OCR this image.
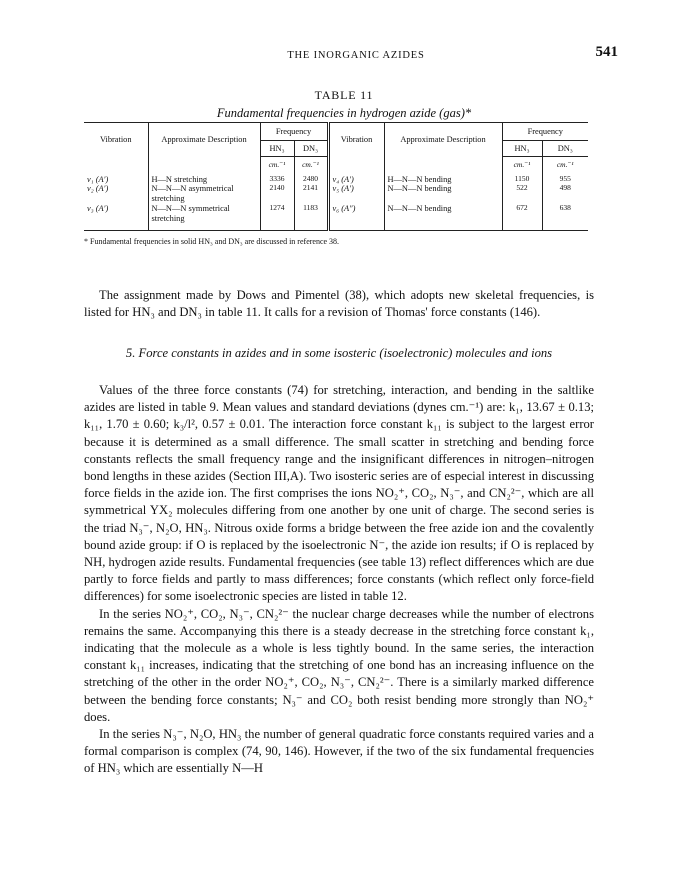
THE INORGANIC AZIDES	541
TABLE 11
Fundamental frequencies in hydrogen azide (gas)*
Vibration	Approximate Description	Frequency		Vibration	Approximate Description	Frequency	
		HN₃	DN₃			HN₃	DN₃
		cm.⁻¹	cm.⁻¹			cm.⁻¹	cm.⁻¹
ν₁ (A′)	H—N stretching	3336	2480	ν₄ (A′)	H—N—N bending	1150	955
ν₂ (A′)	N—N—N asymmetrical stretching	2140	2141	ν₅ (A′)	N—N—N bending	522	498
ν₃ (A′)	N—N—N symmetrical stretching	1274	1183	ν₆ (A″)	N—N—N bending	672	638
* Fundamental frequencies in solid HN₃ and DN₃ are discussed in reference 38.

The assignment made by Dows and Pimentel (38), which adopts new skeletal frequencies, is listed for HN₃ and DN₃ in table 11. It calls for a revision of Thomas' force constants (146).

5. Force constants in azides and in some isosteric (isoelectronic) molecules and ions

Values of the three force constants (74) for stretching, interaction, and bending in the saltlike azides are listed in table 9. Mean values and standard deviations (dynes cm.⁻¹) are: k₁, 13.67 ± 0.13; k₁₁, 1.70 ± 0.60; k₃/l², 0.57 ± 0.01. The interaction force constant k₁₁ is subject to the largest error because it is determined as a small difference. The small scatter in stretching and bending force constants reflects the small frequency range and the insignificant differences in nitrogen–nitrogen bond lengths in these azides (Section III,A). Two isosteric series are of especial interest in discussing force fields in the azide ion. The first comprises the ions NO₂⁺, CO₂, N₃⁻, and CN₂²⁻, which are all symmetrical YX₂ molecules differing from one another by one unit of charge. The second series is the triad N₃⁻, N₂O, HN₃. Nitrous oxide forms a bridge between the free azide ion and the covalently bound azide group: if O is replaced by the isoelectronic N⁻, the azide ion results; if O is replaced by NH, hydrogen azide results. Fundamental frequencies (see table 13) reflect differences which are due partly to force fields and partly to mass differences; force constants (which reflect only force-field differences) for some isoelectronic species are listed in table 12.

In the series NO₂⁺, CO₂, N₃⁻, CN₂²⁻ the nuclear charge decreases while the number of electrons remains the same. Accompanying this there is a steady decrease in the stretching force constant k₁, indicating that the molecule as a whole is less tightly bound. In the same series, the interaction constant k₁₁ increases, indicating that the stretching of one bond has an increasing influence on the stretching of the other in the order NO₂⁺, CO₂, N₃⁻, CN₂²⁻. There is a similarly marked difference between the bending force constants; N₃⁻ and CO₂ both resist bending more strongly than NO₂⁺ does.

In the series N₃⁻, N₂O, HN₃ the number of general quadratic force constants required varies and a formal comparison is complex (74, 90, 146). However, if the two of the six fundamental frequencies of HN₃ which are essentially N—H
